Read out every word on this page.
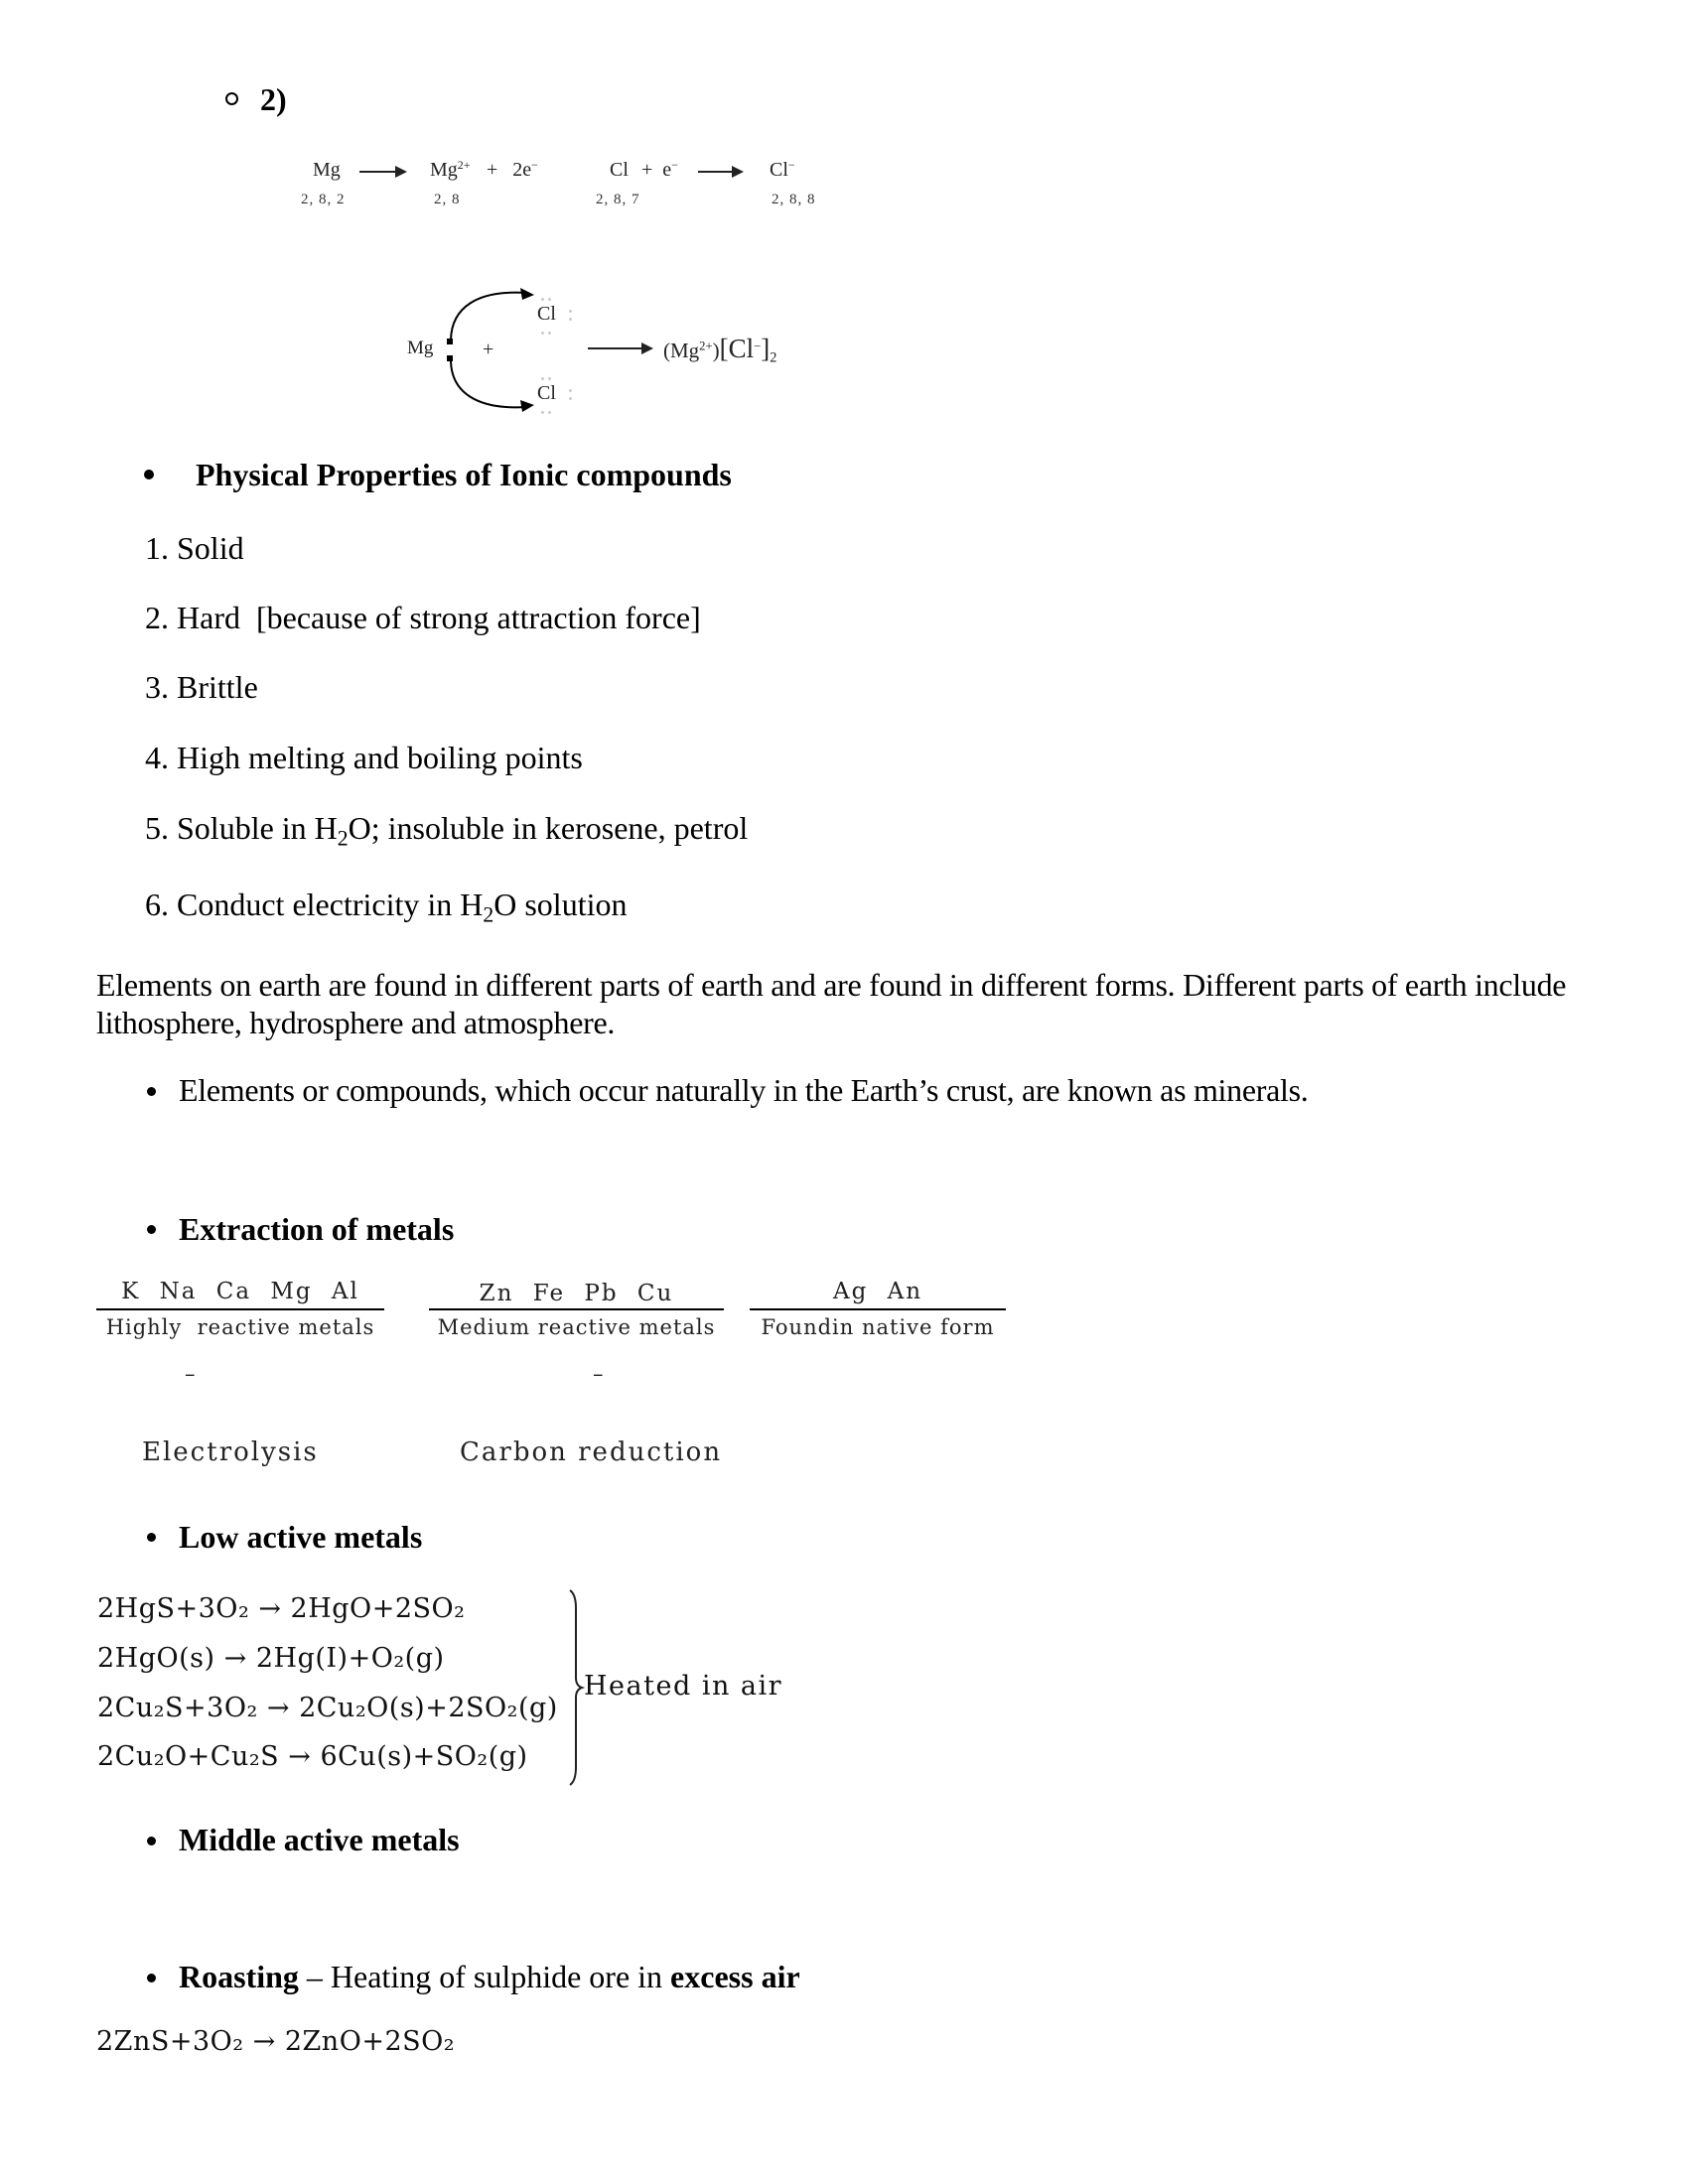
2)
Mg
2, 8, 2
$Mg^{2+}$
2, 8
+ 2e−	Cl
2, 8, 7
+ e−	Cl−
2, 8, 8
Mg +
Cl
Cl
$(Mg^{2+})[Cl^-]_2$
Physical Properties of Ionic compounds
1. Solid
2. Hard  [because of strong attraction force]
3. Brittle
4. High melting and boiling points
5. Soluble in $H_2O$; insoluble in kerosene, petrol
6. Conduct electricity in $H_2O$ solution
Elements on earth are found in different parts of earth and are found in different forms. Different parts of earth include lithosphere, hydrosphere and atmosphere.
Elements or compounds, which occur naturally in the Earth’s crust, are known as minerals.
Extraction of metals
K Na Ca Mg Al
Highly  reactive metals
–
Electrolysis
Zn Fe Pb Cu
Medium reactive metals
–
Carbon reduction
Ag An
Foundin native form
Low active metals
2HgS+3O₂ → 2HgO+2SO₂
2HgO(s) → 2Hg(I)+O₂(g)
2Cu₂S+3O₂ → 2Cu₂O(s)+2SO₂(g)
2Cu₂O+Cu₂S → 6Cu(s)+SO₂(g)
Heated in air
Middle active metals
Roasting – Heating of sulphide ore in excess air
2ZnS+3O₂ → 2ZnO+2SO₂
